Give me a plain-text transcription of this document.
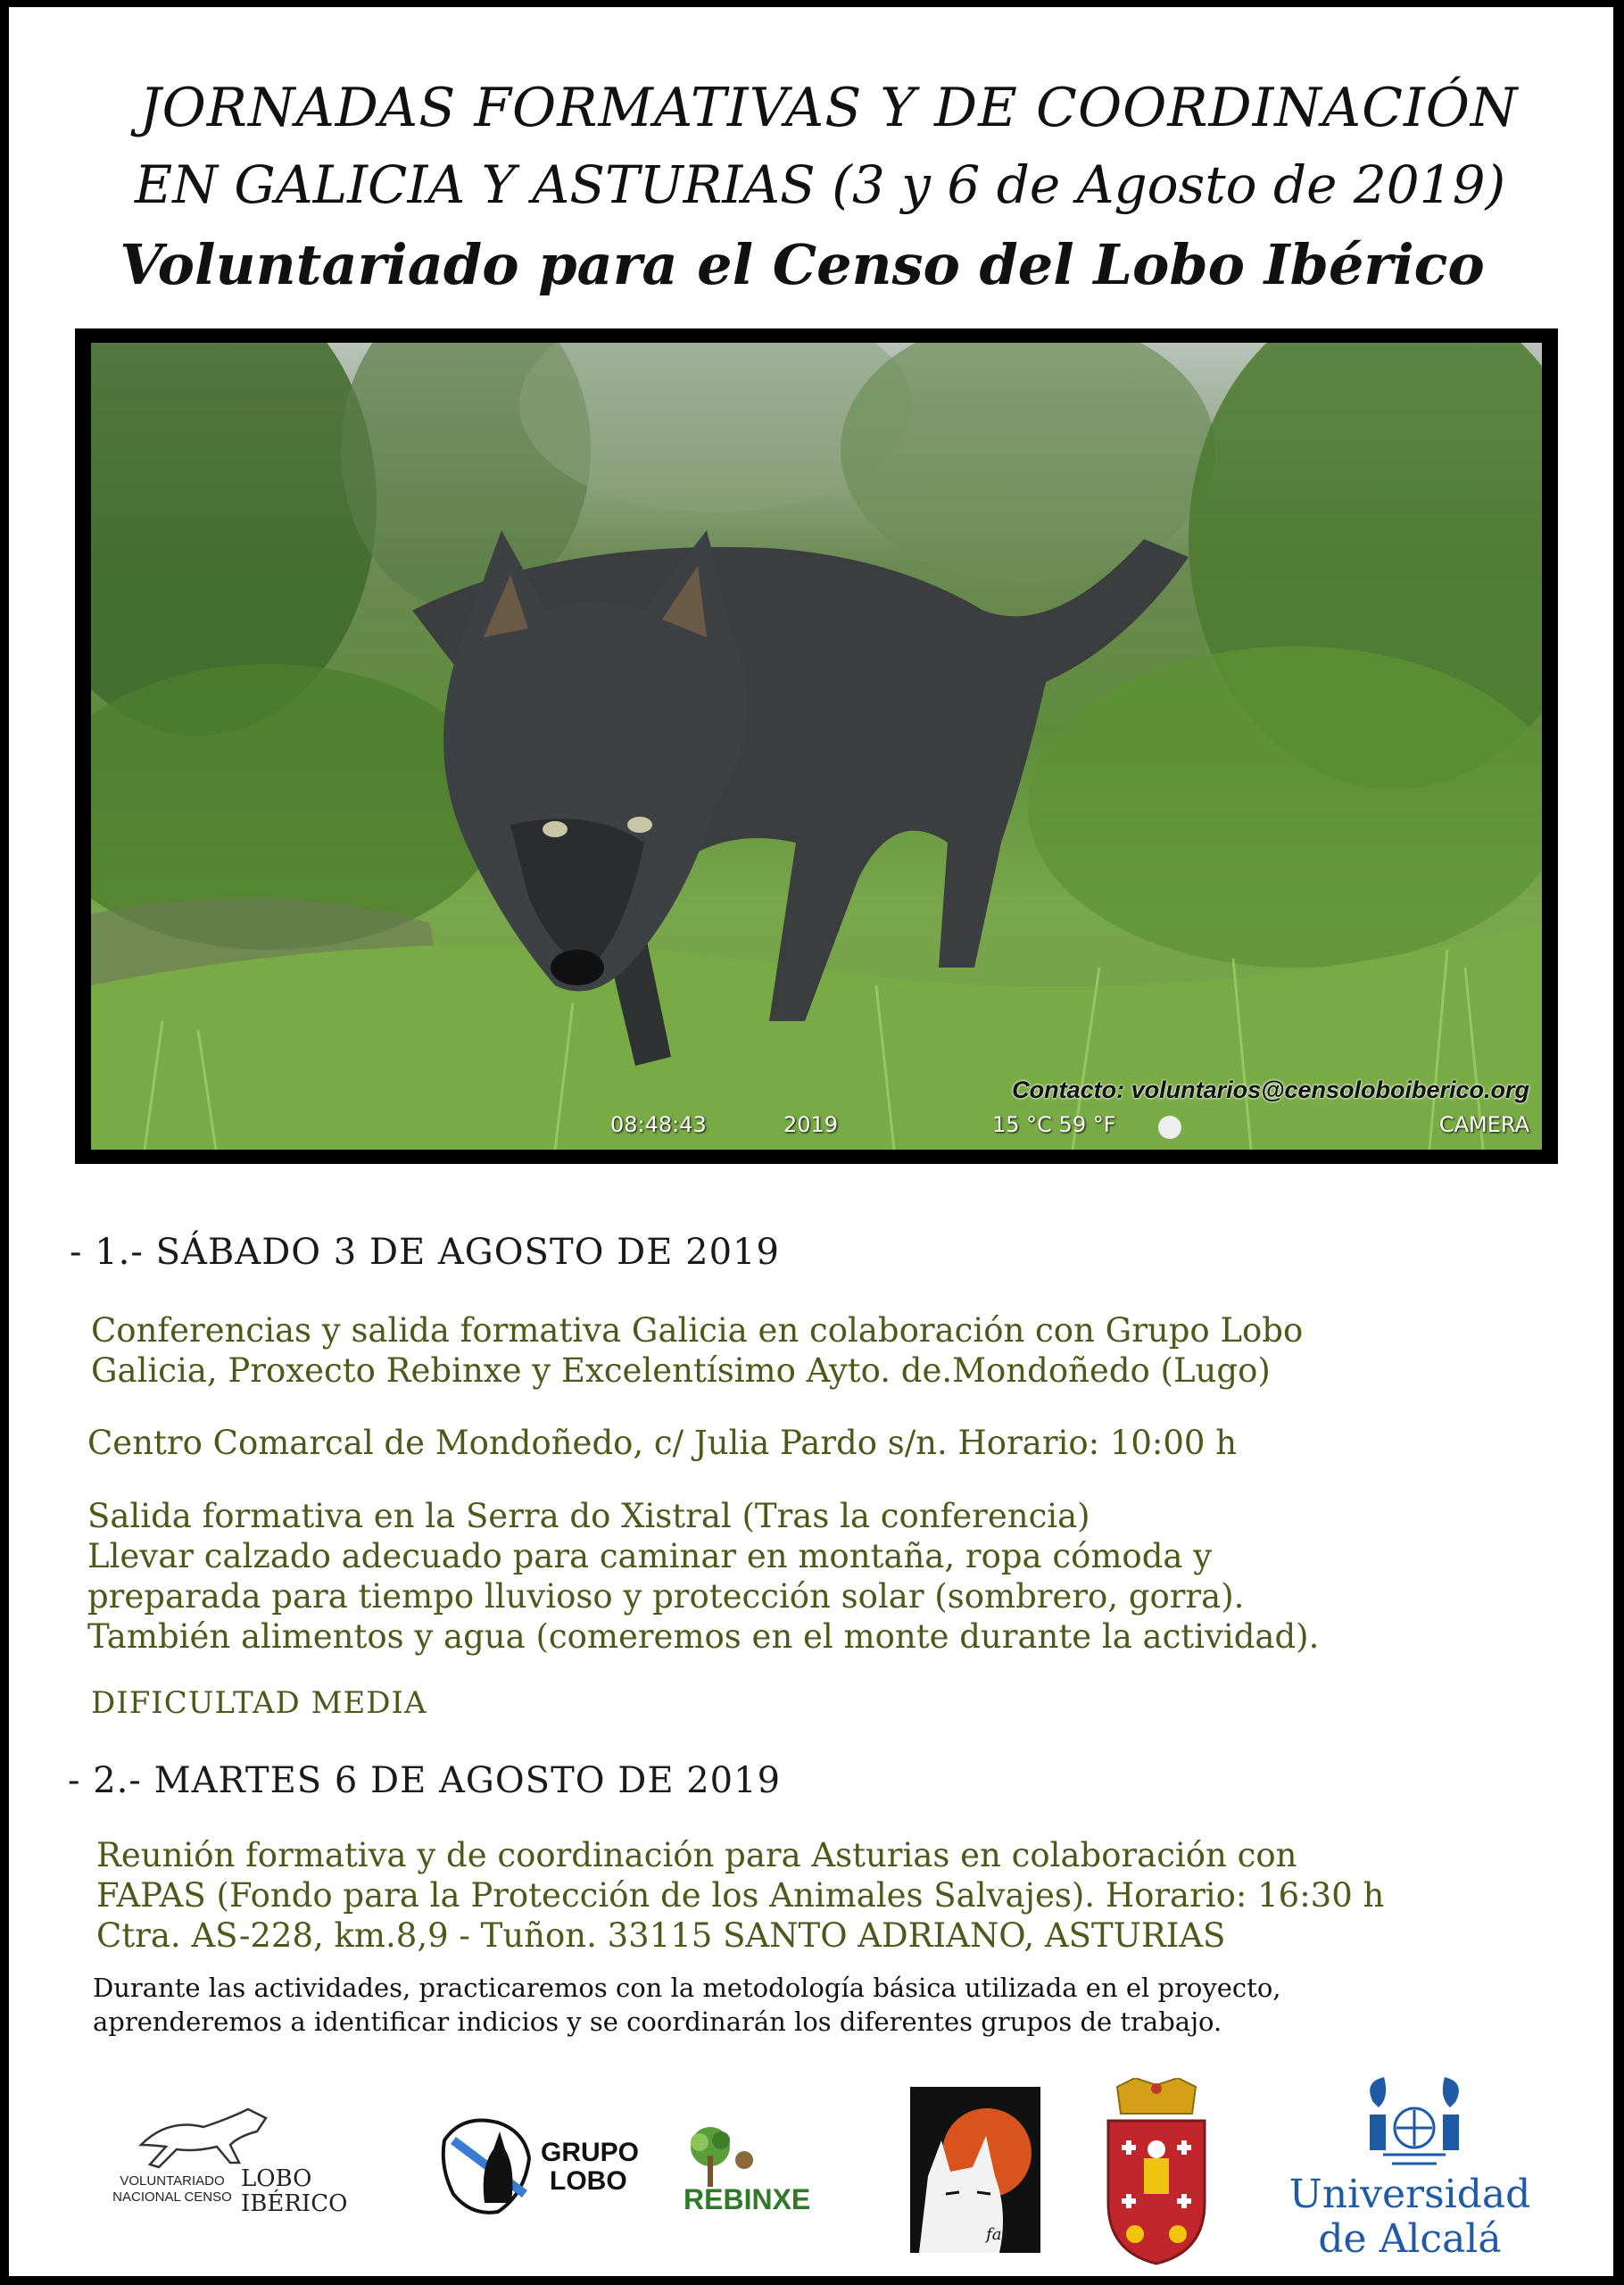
JORNADAS FORMATIVAS Y DE COORDINACIÓN
EN GALICIA Y ASTURIAS (3 y 6 de Agosto de 2019)
Voluntariado para el Censo del Lobo Ibérico
Contacto: voluntarios@censoloboiberico.org
08:48:43	2019	15 °C 59 °F	CAMERA
- 1.- SÁBADO 3 DE AGOSTO DE 2019
Conferencias y salida formativa Galicia en colaboración con Grupo Lobo
Galicia, Proxecto Rebinxe y Excelentísimo Ayto. de.Mondoñedo (Lugo)
Centro Comarcal de Mondoñedo, c/ Julia Pardo s/n. Horario: 10:00 h
Salida formativa en la Serra do Xistral (Tras la conferencia)
Llevar calzado adecuado para caminar en montaña, ropa cómoda y
preparada para tiempo lluvioso y protección solar (sombrero, gorra).
También alimentos y agua (comeremos en el monte durante la actividad).
DIFICULTAD MEDIA
- 2.- MARTES 6 DE AGOSTO DE 2019
Reunión formativa y de coordinación para Asturias en colaboración con
FAPAS (Fondo para la Protección de los Animales Salvajes). Horario: 16:30 h
Ctra. AS-228, km.8,9 - Tuñon. 33115 SANTO ADRIANO, ASTURIAS
Durante las actividades, practicaremos con la metodología básica utilizada en el proyecto,
aprenderemos a identificar indicios y se coordinarán los diferentes grupos de trabajo.
VOLUNTARIADO
NACIONAL CENSO
LOBO
IBÉRICO
GRUPO
LOBO
REBINXE
fapas
Universidad
de Alcalá
